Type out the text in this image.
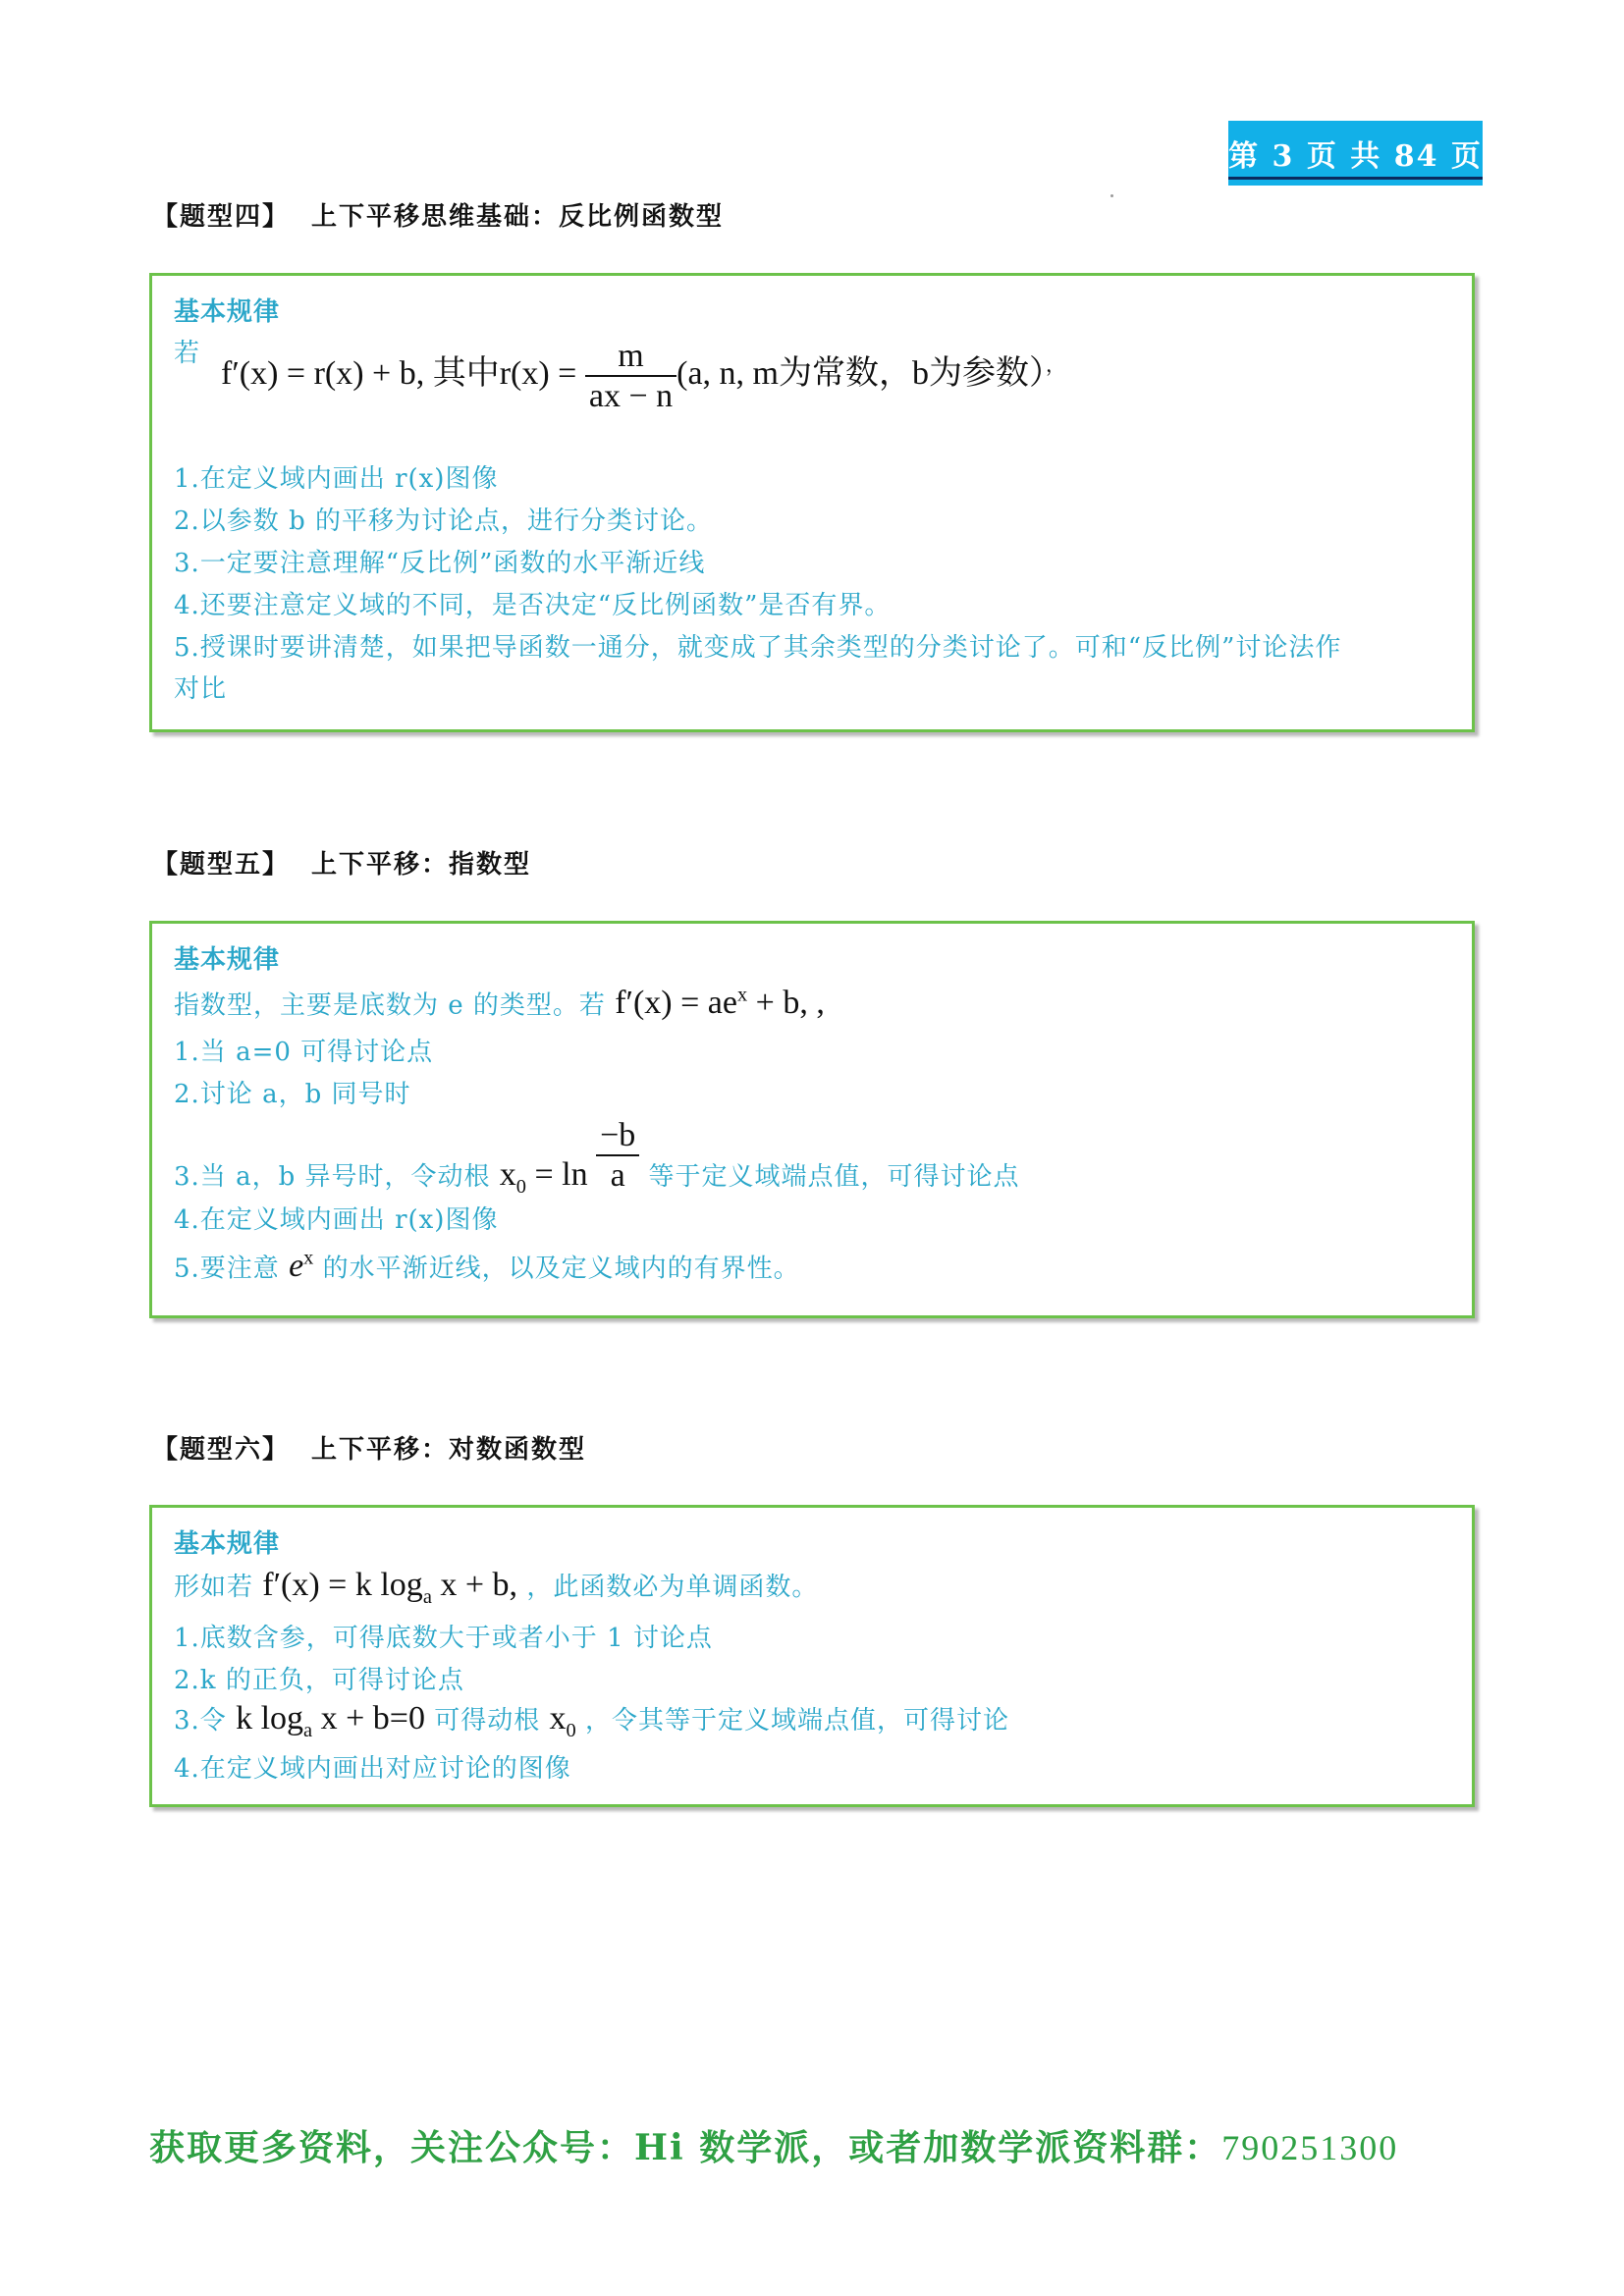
第 3 页 共 84 页
【题型四】 上下平移思维基础：反比例函数型
基本规律
若
f′(x) = r(x) + b, 其中$r(x) = \frac{m}{ax - n} (a$, n, m为常数，b为参数），
1.在定义域内画出 r(x)图像
2.以参数 b 的平移为讨论点，进行分类讨论。
3.一定要注意理解“反比例”函数的水平渐近线
4.还要注意定义域的不同，是否决定“反比例函数”是否有界。
5.授课时要讲清楚，如果把导函数一通分，就变成了其余类型的分类讨论了。可和“反比例”讨论法作
对比
【题型五】 上下平移：指数型
基本规律
指数型，主要是底数为 e 的类型。若 $f'(x) = ae^x + b$, ,
1.当 a=0 可得讨论点
2.讨论 a，b 同号时
3.当 a，b 异号时，令动根 $x_0 = \ln \frac{-b}{a}$ 等于定义域端点值，可得讨论点
4.在定义域内画出 r(x)图像
5.要注意 $e^x$ 的水平渐近线，以及定义域内的有界性。
【题型六】 上下平移：对数函数型
基本规律
形如若 f′(x) = k $\log_a x + b$, ，此函数必为单调函数。
1.底数含参，可得底数大于或者小于 1 讨论点
2.k 的正负，可得讨论点
3.令 k $\log_a x + b=0$ 可得动根 $x_0$ ，令其等于定义域端点值，可得讨论
4.在定义域内画出对应讨论的图像
获取更多资料，关注公众号：Hi 数学派，或者加数学派资料群：790251300
